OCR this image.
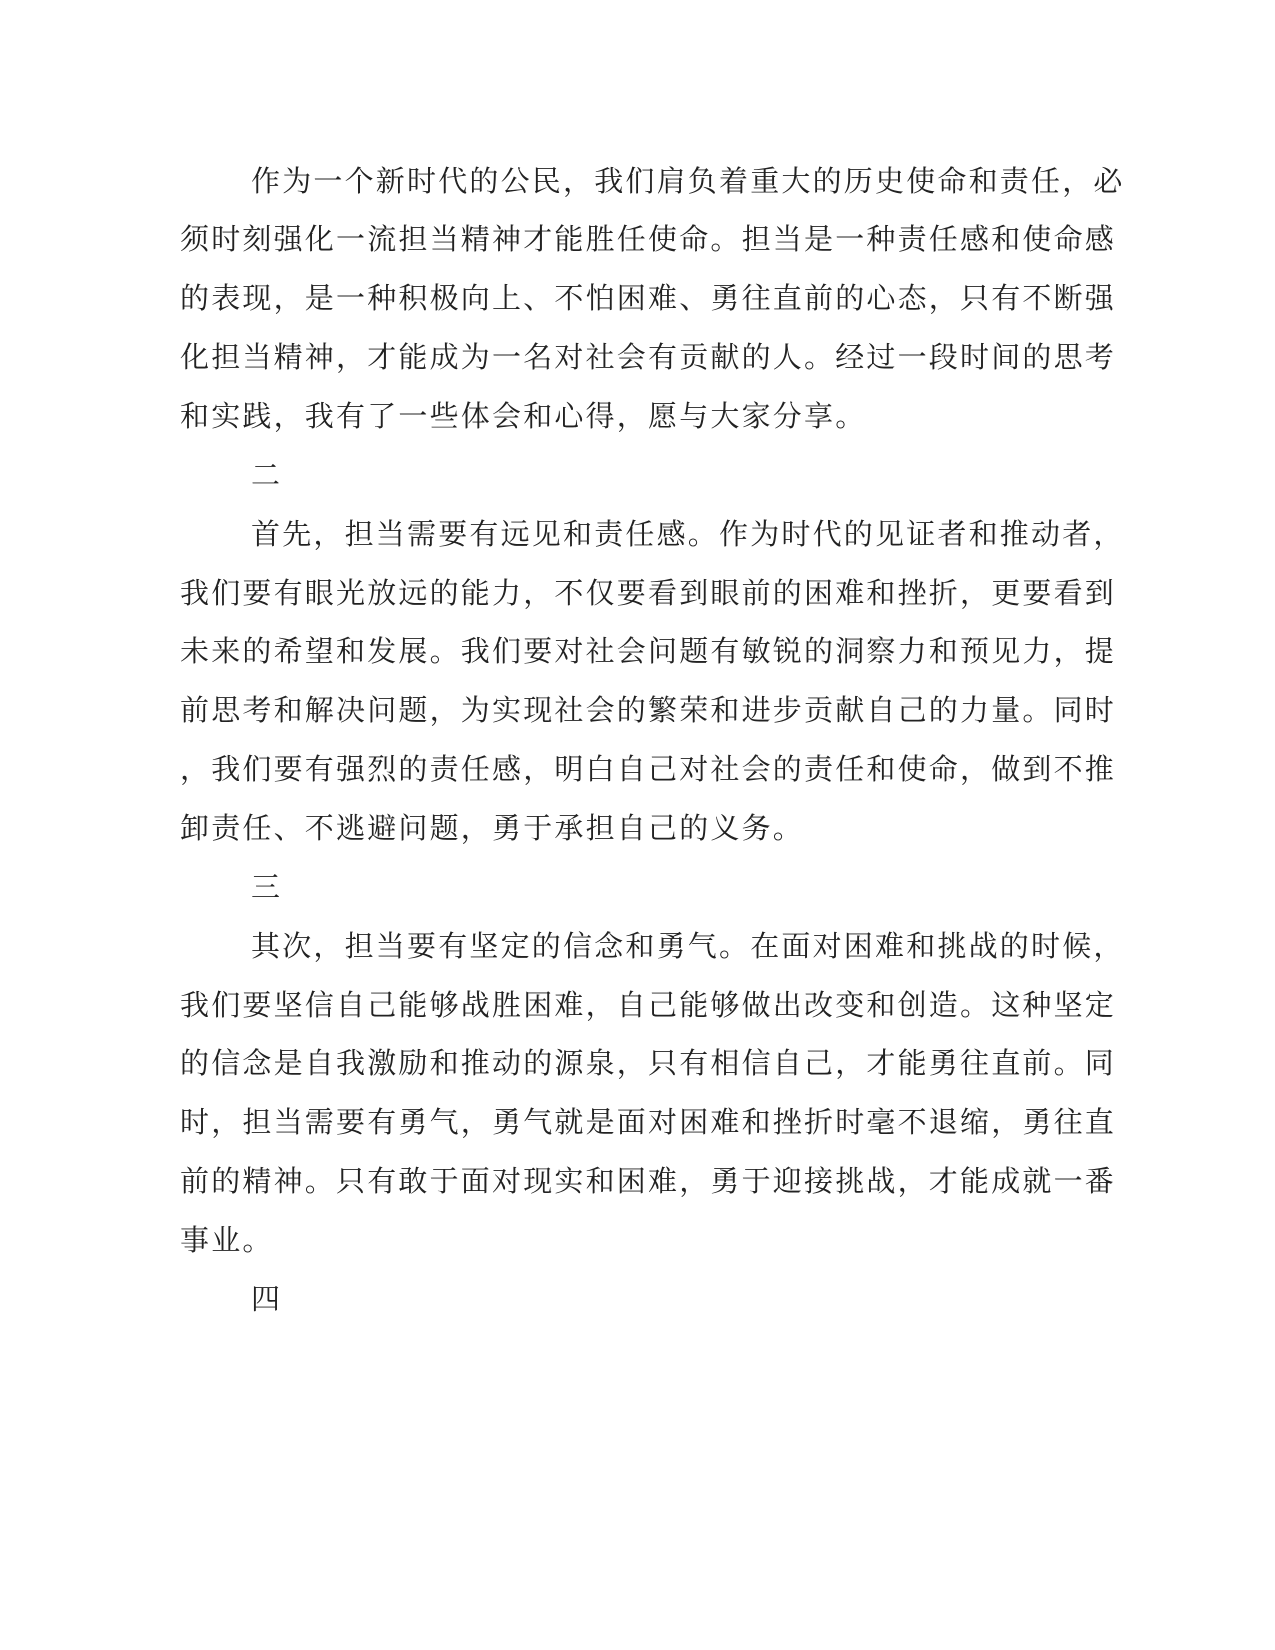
作为一个新时代的公民，我们肩负着重大的历史使命和责任，必
须时刻强化一流担当精神才能胜任使命。担当是一种责任感和使命感
的表现，是一种积极向上、不怕困难、勇往直前的心态，只有不断强
化担当精神，才能成为一名对社会有贡献的人。经过一段时间的思考
和实践，我有了一些体会和心得，愿与大家分享。
二
首先，担当需要有远见和责任感。作为时代的见证者和推动者，
我们要有眼光放远的能力，不仅要看到眼前的困难和挫折，更要看到
未来的希望和发展。我们要对社会问题有敏锐的洞察力和预见力，提
前思考和解决问题，为实现社会的繁荣和进步贡献自己的力量。同时
，我们要有强烈的责任感，明白自己对社会的责任和使命，做到不推
卸责任、不逃避问题，勇于承担自己的义务。
三
其次，担当要有坚定的信念和勇气。在面对困难和挑战的时候，
我们要坚信自己能够战胜困难，自己能够做出改变和创造。这种坚定
的信念是自我激励和推动的源泉，只有相信自己，才能勇往直前。同
时，担当需要有勇气，勇气就是面对困难和挫折时毫不退缩，勇往直
前的精神。只有敢于面对现实和困难，勇于迎接挑战，才能成就一番
事业。
四
